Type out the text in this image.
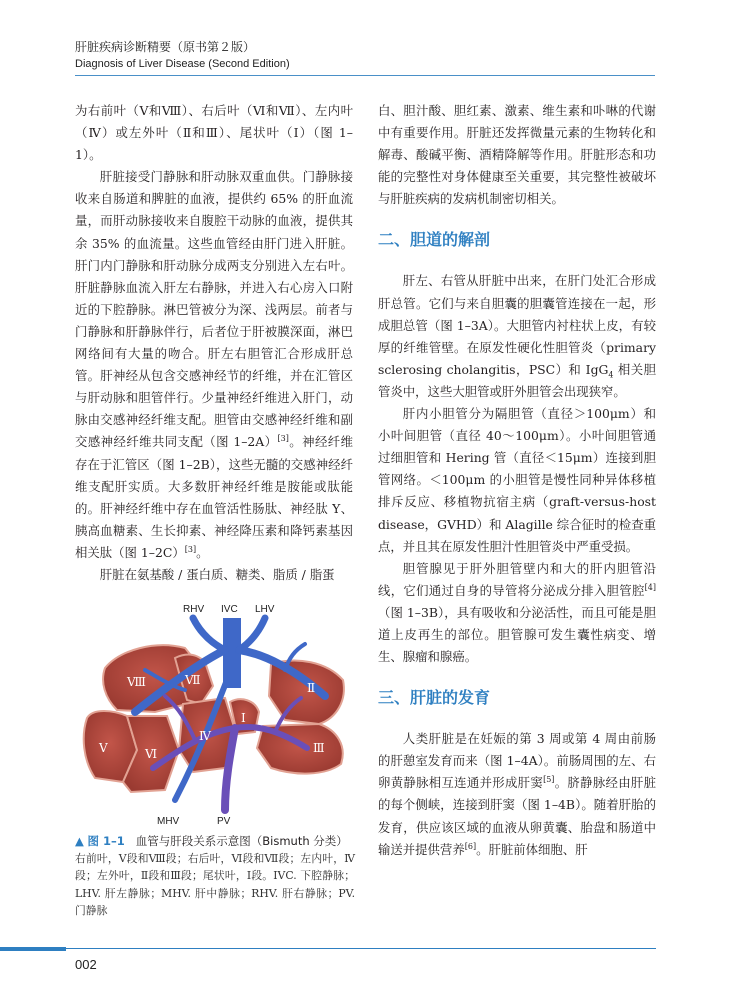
肝脏疾病诊断精要（原书第２版）
Diagnosis of Liver Disease (Second Edition)

为右前叶（Ⅴ和Ⅷ）、右后叶（Ⅵ和Ⅶ）、左内叶（Ⅳ）或左外叶（Ⅱ和Ⅲ）、尾状叶（Ⅰ）（图 1–1）。

肝脏接受门静脉和肝动脉双重血供。门静脉接收来自肠道和脾脏的血液，提供约 65% 的肝血流量，而肝动脉接收来自腹腔干动脉的血液，提供其余 35% 的血流量。这些血管经由肝门进入肝脏。肝门内门静脉和肝动脉分成两支分别进入左右叶。肝脏静脉血流入肝左右静脉，并进入右心房入口附近的下腔静脉。淋巴管被分为深、浅两层。前者与门静脉和肝静脉伴行，后者位于肝被膜深面，淋巴网络间有大量的吻合。肝左右胆管汇合形成肝总管。肝神经从包含交感神经节的纤维，并在汇管区与肝动脉和胆管伴行。少量神经纤维进入肝门，动脉由交感神经纤维支配。胆管由交感神经纤维和副交感神经纤维共同支配（图 1–2A）[3]。神经纤维存在于汇管区（图 1–2B），这些无髓的交感神经纤维支配肝实质。大多数肝神经纤维是胺能或肽能的。肝神经纤维中存在血管活性肠肽、神经肽 Y、胰高血糖素、生长抑素、神经降压素和降钙素基因相关肽（图 1–2C）[3]。

肝脏在氨基酸 / 蛋白质、糖类、脂质 / 脂蛋

RHV IVC LHV
MHV	PV
Ⅷ	Ⅶ
Ⅴ	Ⅵ
Ⅳ
Ⅰ
Ⅱ
Ⅲ
▲ 图 1–1 血管与肝段关系示意图（Bismuth 分类）
右前叶，Ⅴ段和Ⅷ段；右后叶，Ⅵ段和Ⅶ段；左内叶，Ⅳ段；左外叶，Ⅱ段和Ⅲ段；尾状叶，Ⅰ段。IVC. 下腔静脉；LHV. 肝左静脉；MHV. 肝中静脉；RHV. 肝右静脉；PV. 门静脉

白、胆汁酸、胆红素、激素、维生素和卟啉的代谢中有重要作用。肝脏还发挥微量元素的生物转化和解毒、酸碱平衡、酒精降解等作用。肝脏形态和功能的完整性对身体健康至关重要，其完整性被破坏与肝脏疾病的发病机制密切相关。

二、胆道的解剖

肝左、右管从肝脏中出来，在肝门处汇合形成肝总管。它们与来自胆囊的胆囊管连接在一起，形成胆总管（图 1–3A）。大胆管内衬柱状上皮，有较厚的纤维管壁。在原发性硬化性胆管炎（primary sclerosing cholangitis，PSC）和 IgG$_4$ 相关胆管炎中，这些大胆管或肝外胆管会出现狭窄。

肝内小胆管分为隔胆管（直径＞100μm）和小叶间胆管（直径 40～100μm）。小叶间胆管通过细胆管和 Hering 管（直径＜15μm）连接到胆管网络。＜100μm 的小胆管是慢性同种异体移植排斥反应、移植物抗宿主病（graft-versus-host disease，GVHD）和 Alagille 综合征时的检查重点，并且其在原发性胆汁性胆管炎中严重受损。

胆管腺见于肝外胆管壁内和大的肝内胆管沿线，它们通过自身的导管将分泌成分排入胆管腔[4]（图 1–3B），具有吸收和分泌活性，而且可能是胆道上皮再生的部位。胆管腺可发生囊性病变、增生、腺瘤和腺癌。

三、肝脏的发育

人类肝脏是在妊娠的第 3 周或第 4 周由前肠的肝憩室发育而来（图 1–4A）。前肠周围的左、右卵黄静脉相互连通并形成肝窦[5]。脐静脉经由肝脏的每个侧峡，连接到肝窦（图 1–4B）。随着肝胎的发育，供应该区域的血液从卵黄囊、胎盘和肠道中输送并提供营养[6]。肝脏前体细胞、肝

002
